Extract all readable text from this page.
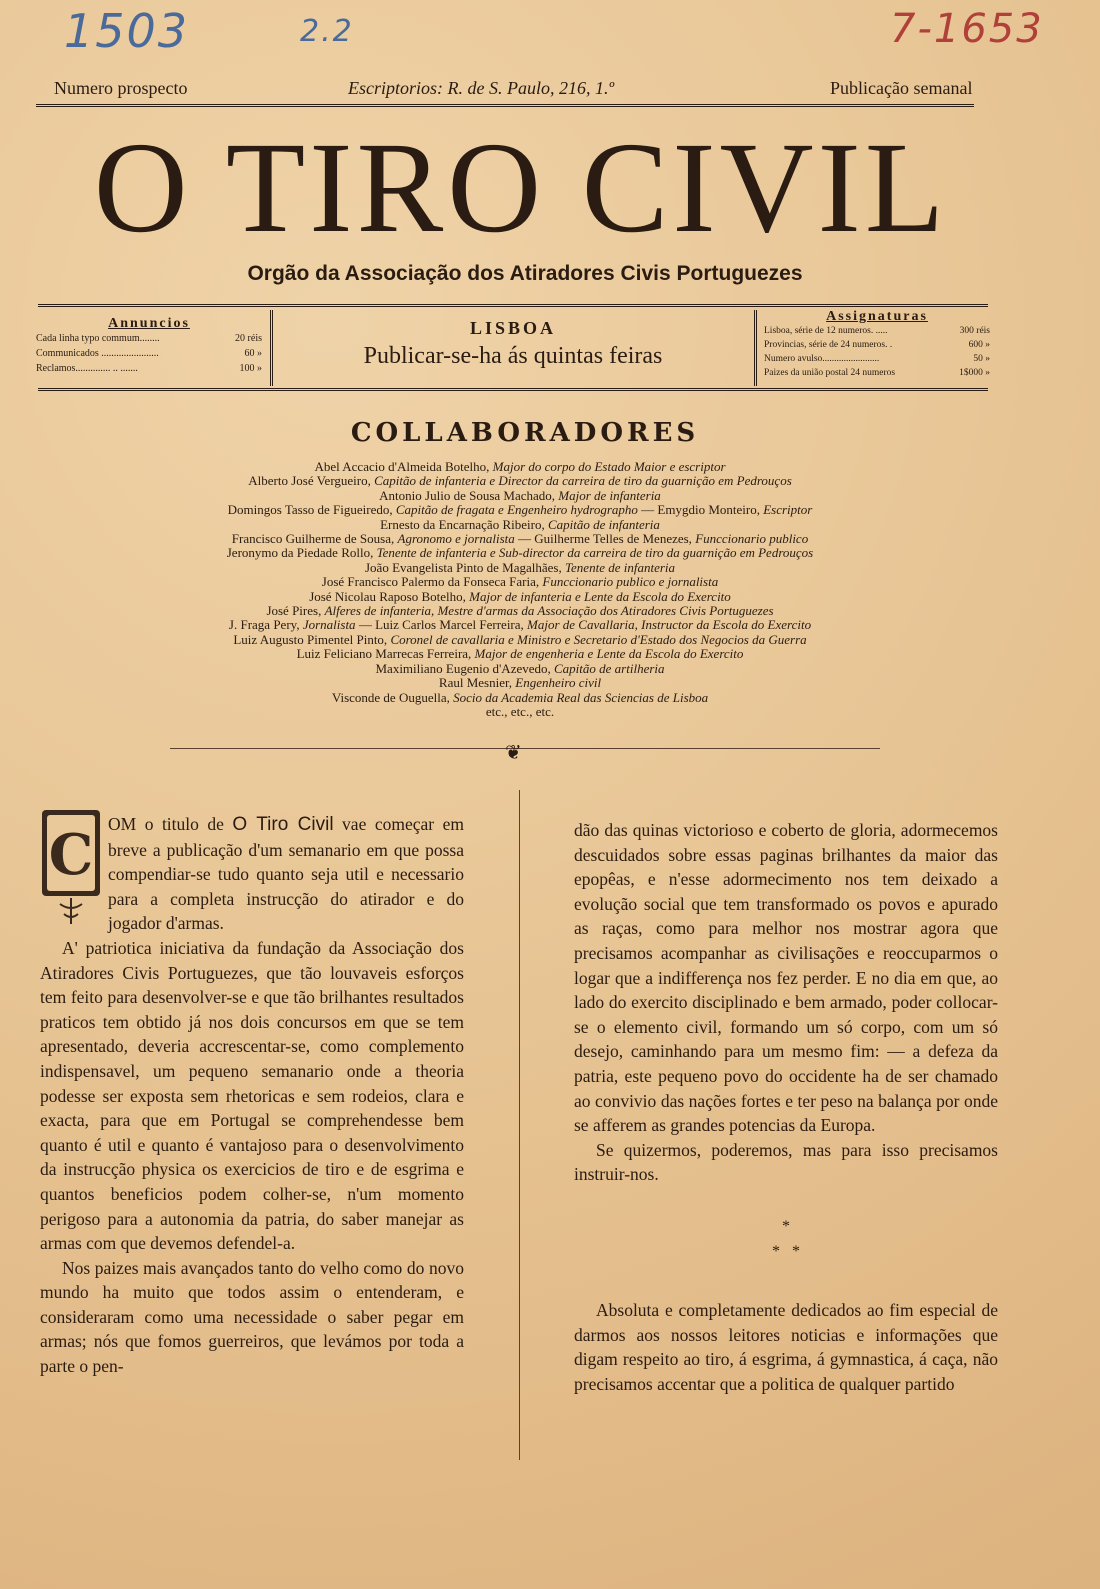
1503	2.2	7-1653
Numero prospecto	Escriptorios: R. de S. Paulo, 216, 1.º	Publicação semanal
O TIRO CIVIL
Orgão da Associação dos Atiradores Civis Portuguezes
Annuncios
Cada linha typo commum........	20 réis
Communicados .......................	60 »
Reclamos.............. .. .......	100 »
LISBOA
Publicar-se-ha ás quintas feiras
Assignaturas
Lisboa, série de 12 numeros. .....	300 réis
Provincias, série de 24 numeros. .	600 »
Numero avulso........................	50 »
Paizes da união postal 24 numeros	1$000 »
COLLABORADORES
Abel Accacio d'Almeida Botelho, Major do corpo do Estado Maior e escriptor
Alberto José Vergueiro, Capitão de infanteria e Director da carreira de tiro da guarnição em Pedrouços
Antonio Julio de Sousa Machado, Major de infanteria
Domingos Tasso de Figueiredo, Capitão de fragata e Engenheiro hydrographo — Emygdio Monteiro, Escriptor
Ernesto da Encarnação Ribeiro, Capitão de infanteria
Francisco Guilherme de Sousa, Agronomo e jornalista — Guilherme Telles de Menezes, Funccionario publico
Jeronymo da Piedade Rollo, Tenente de infanteria e Sub-director da carreira de tiro da guarnição em Pedrouços
João Evangelista Pinto de Magalhães, Tenente de infanteria
José Francisco Palermo da Fonseca Faria, Funccionario publico e jornalista
José Nicolau Raposo Botelho, Major de infanteria e Lente da Escola do Exercito
José Pires, Alferes de infanteria, Mestre d'armas da Associação dos Atiradores Civis Portuguezes
J. Fraga Pery, Jornalista — Luiz Carlos Marcel Ferreira, Major de Cavallaria, Instructor da Escola do Exercito
Luiz Augusto Pimentel Pinto, Coronel de cavallaria e Ministro e Secretario d'Estado dos Negocios da Guerra
Luiz Feliciano Marrecas Ferreira, Major de engenheria e Lente da Escola do Exercito
Maximiliano Eugenio d'Azevedo, Capitão de artilheria
Raul Mesnier, Engenheiro civil
Visconde de Ouguella, Socio da Academia Real das Sciencias de Lisboa
etc., etc., etc.
❦

C OM o titulo de O Tiro Civil vae começar em breve a publicação d'um semanario em que possa compendiar-se tudo quanto seja util e necessario para a completa instrucção do atirador e do jogador d'armas.

A' patriotica iniciativa da fundação da Associação dos Atiradores Civis Portuguezes, que tão louvaveis esforços tem feito para desenvolver-se e que tão brilhantes resultados praticos tem obtido já nos dois concursos em que se tem apresentado, deveria accrescentar-se, como complemento indispensavel, um pequeno semanario onde a theoria podesse ser exposta sem rhetoricas e sem rodeios, clara e exacta, para que em Portugal se comprehendesse bem quanto é util e quanto é vantajoso para o desenvolvimento da instrucção physica os exercicios de tiro e de esgrima e quantos beneficios podem colher-se, n'um momento perigoso para a autonomia da patria, do saber manejar as armas com que devemos defendel-a.

Nos paizes mais avançados tanto do velho como do novo mundo ha muito que todos assim o entenderam, e consideraram como uma necessidade o saber pegar em armas; nós que fomos guerreiros, que levámos por toda a parte o pen-

dão das quinas victorioso e coberto de gloria, adormecemos descuidados sobre essas paginas brilhantes da maior das epopêas, e n'esse adormecimento nos tem deixado a evolução social que tem transformado os povos e apurado as raças, como para melhor nos mostrar agora que precisamos acompanhar as civilisações e reoccuparmos o logar que a indifferença nos fez perder. E no dia em que, ao lado do exercito disciplinado e bem armado, poder collocar-se o elemento civil, formando um só corpo, com um só desejo, caminhando para um mesmo fim: — a defeza da patria, este pequeno povo do occidente ha de ser chamado ao convivio das nações fortes e ter peso na balança por onde se afferem as grandes potencias da Europa.

Se quizermos, poderemos, mas para isso precisamos instruir-nos.

*
*   *

Absoluta e completamente dedicados ao fim especial de darmos aos nossos leitores noticias e informações que digam respeito ao tiro, á esgrima, á gymnastica, á caça, não precisamos accentar que a politica de qualquer partido
